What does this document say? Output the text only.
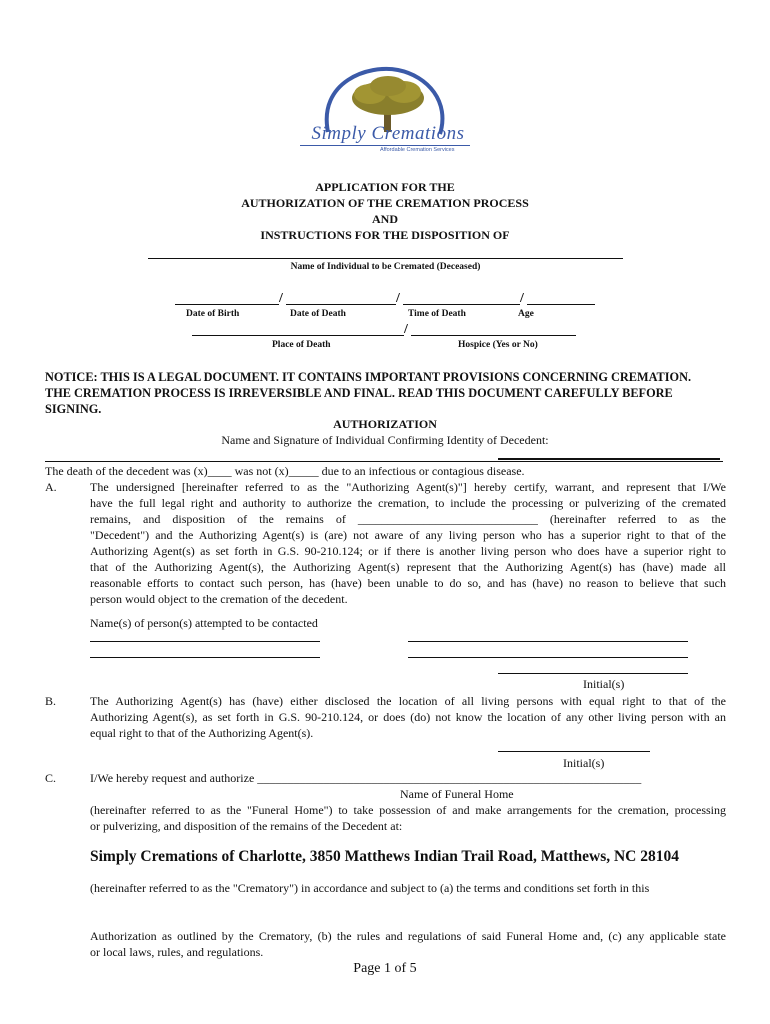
Simply Cremations
Affordable Cremation Services
APPLICATION FOR THE
AUTHORIZATION OF THE CREMATION PROCESS
AND
INSTRUCTIONS FOR THE DISPOSITION OF
Name of Individual to be Cremated (Deceased)
/	/	/
Date of Birth	Date of Death	Time of Death	Age
/
Place of Death	Hospice (Yes or No)
NOTICE: THIS IS A LEGAL DOCUMENT. IT CONTAINS IMPORTANT PROVISIONS CONCERNING CREMATION.
THE CREMATION PROCESS IS IRREVERSIBLE AND FINAL. READ THIS DOCUMENT CAREFULLY BEFORE
SIGNING.
AUTHORIZATION
Name and Signature of Individual Confirming Identity of Decedent:
The death of the decedent was (x)____ was not (x)_____ due to an infectious or contagious disease.
A.	The undersigned [hereinafter referred to as the "Authorizing Agent(s)"] hereby certify, warrant, and represent that I/We
have the full legal right and authority to authorize the cremation, to include the processing or pulverizing of the cremated
remains, and disposition of the remains of ______________________________ (hereinafter referred to as the
"Decedent") and the Authorizing Agent(s) is (are) not aware of any living person who has a superior right to that of the
Authorizing Agent(s) as set forth in G.S. 90-210.124; or if there is another living person who does have a superior right to
that of the Authorizing Agent(s), the Authorizing Agent(s) represent that the Authorizing Agent(s) has (have) made all
reasonable efforts to contact such person, has (have) been unable to do so, and has (have) no reason to believe that such
person would object to the cremation of the decedent.
Name(s) of person(s) attempted to be contacted
Initial(s)
B.	The Authorizing Agent(s) has (have) either disclosed the location of all living persons with equal right to that of the
Authorizing Agent(s), as set forth in G.S. 90-210.124, or does (do) not know the location of any other living person with an
equal right to that of the Authorizing Agent(s).
Initial(s)
C.	I/We hereby request and authorize ________________________________________________________________
Name of Funeral Home
(hereinafter referred to as the "Funeral Home") to take possession of and make arrangements for the cremation, processing
or pulverizing, and disposition of the remains of the Decedent at:
Simply Cremations of Charlotte, 3850 Matthews Indian Trail Road, Matthews, NC 28104
(hereinafter referred to as the "Crematory") in accordance and subject to (a) the terms and conditions set forth in this
Authorization as outlined by the Crematory, (b) the rules and regulations of said Funeral Home and, (c) any applicable state
or local laws, rules, and regulations.
Page 1 of 5
